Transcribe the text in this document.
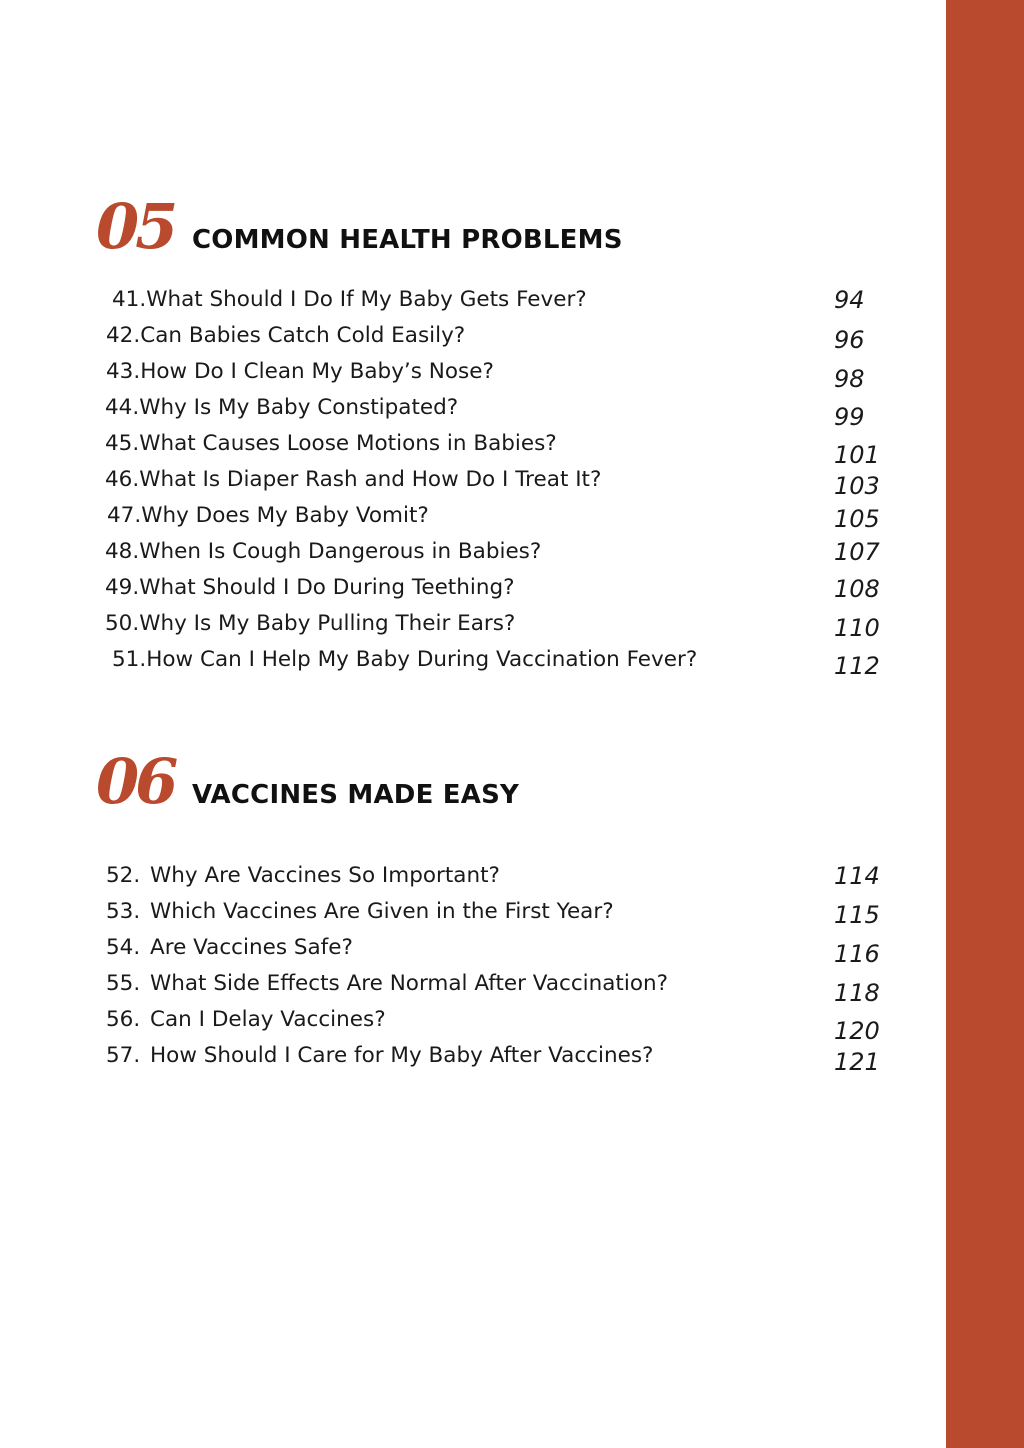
05 COMMON HEALTH PROBLEMS
41.What Should I Do If My Baby Gets Fever?	94
42.Can Babies Catch Cold Easily?	96
43.How Do I Clean My Baby’s Nose?	98
44.Why Is My Baby Constipated?	99
45.What Causes Loose Motions in Babies?	101
46.What Is Diaper Rash and How Do I Treat It?	103
47.Why Does My Baby Vomit?	105
48.When Is Cough Dangerous in Babies?	107
49.What Should I Do During Teething?	108
50.Why Is My Baby Pulling Their Ears?	110
51.How Can I Help My Baby During Vaccination Fever?	112
06 VACCINES MADE EASY
52. Why Are Vaccines So Important?	114
53. Which Vaccines Are Given in the First Year?	115
54. Are Vaccines Safe?	116
55. What Side Effects Are Normal After Vaccination?	118
56. Can I Delay Vaccines?	120
57. How Should I Care for My Baby After Vaccines?	121
